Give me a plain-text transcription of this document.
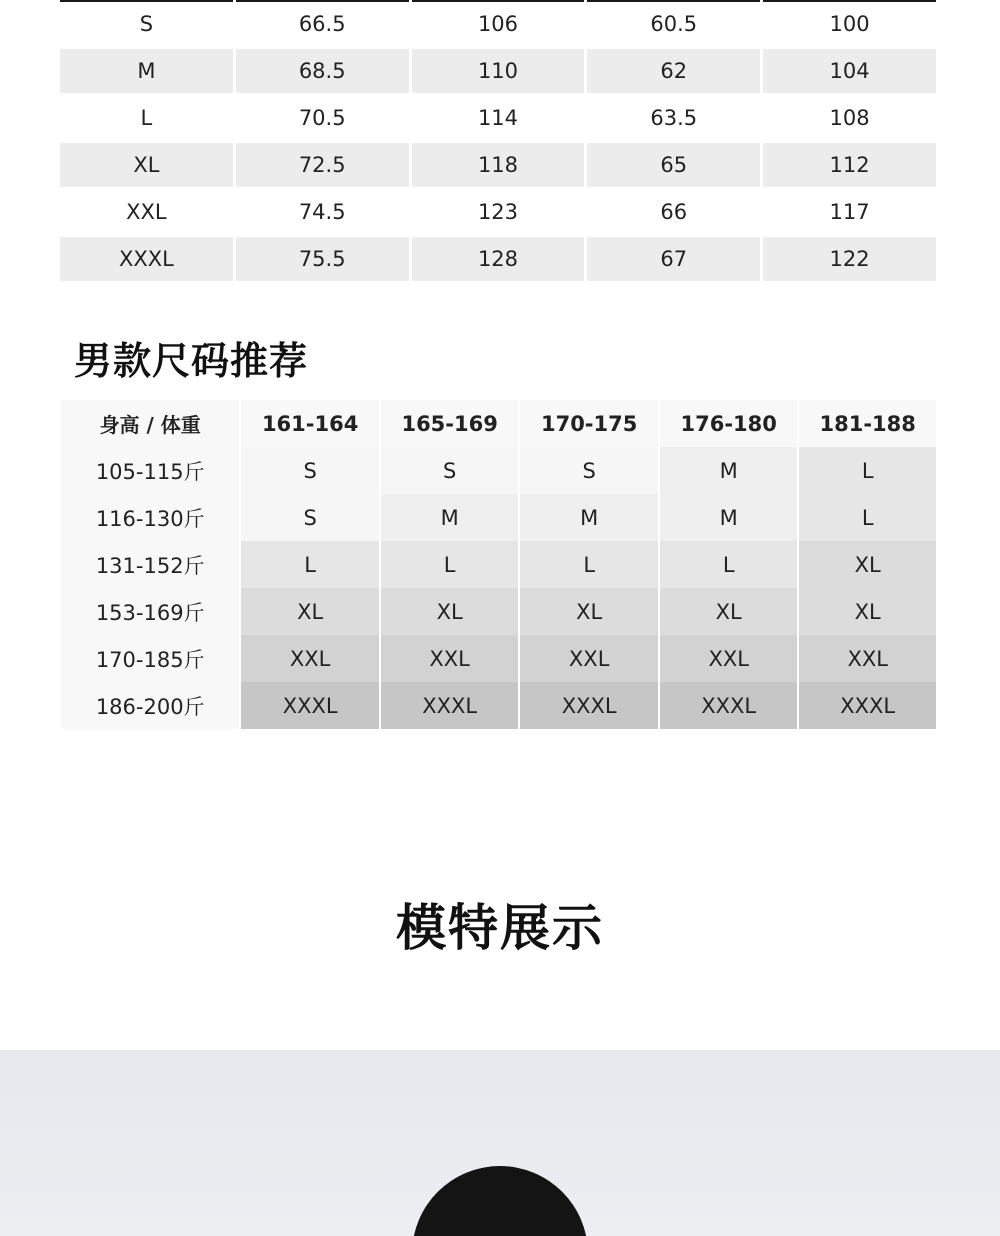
S	66.5	106	60.5	100
M	68.5	110	62	104
L	70.5	114	63.5	108
XL	72.5	118	65	112
XXL	74.5	123	66	117
XXXL	75.5	128	67	122
男款尺码推荐
身高 / 体重	161-164	165-169	170-175	176-180	181-188
105-115斤	S	S	S	M	L
116-130斤	S	M	M	M	L
131-152斤	L	L	L	L	XL
153-169斤	XL	XL	XL	XL	XL
170-185斤	XXL	XXL	XXL	XXL	XXL
186-200斤	XXXL	XXXL	XXXL	XXXL	XXXL
模特展示
